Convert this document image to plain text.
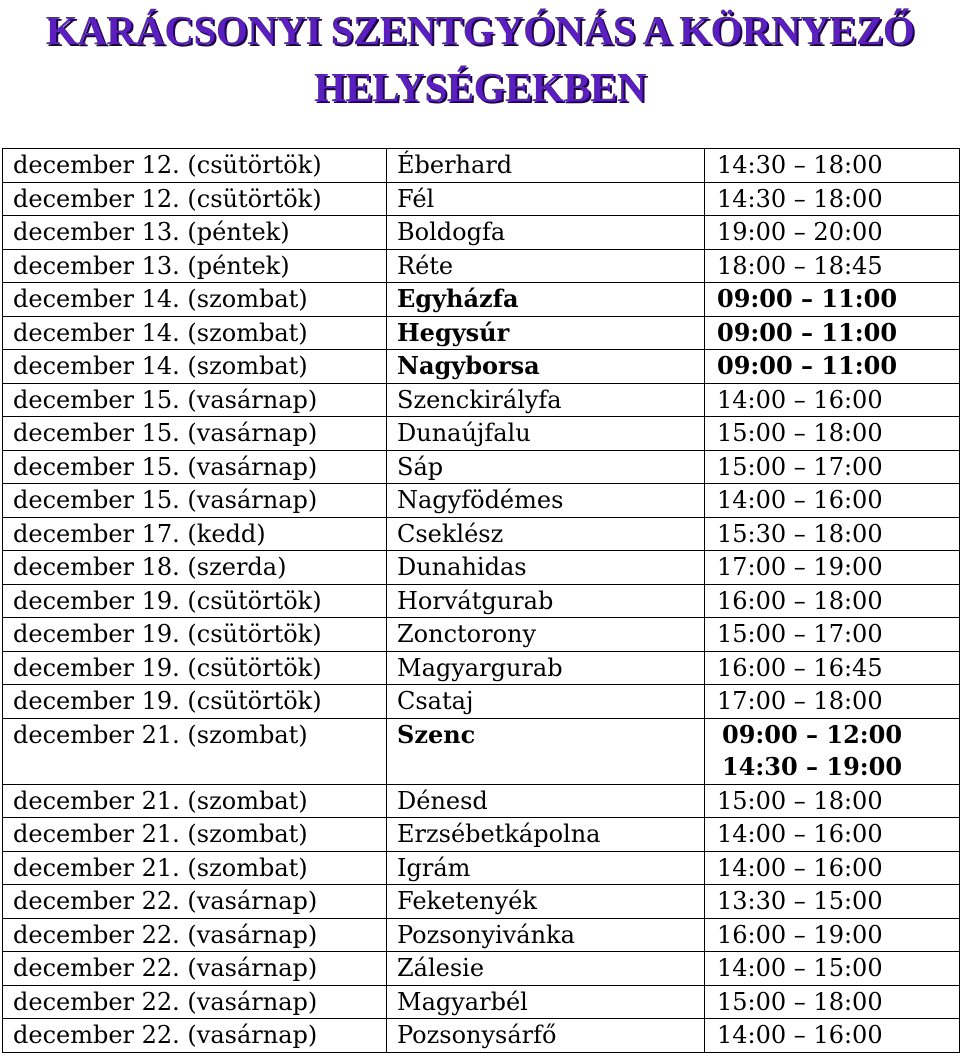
KARÁCSONYI SZENTGYÓNÁS A KÖRNYEZŐ
HELYSÉGEKBEN
december 12. (csütörtök)	Éberhard	14:30 – 18:00
december 12. (csütörtök)	Fél	14:30 – 18:00
december 13. (péntek)	Boldogfa	19:00 – 20:00
december 13. (péntek)	Réte	18:00 – 18:45
december 14. (szombat)	Egyházfa	09:00 – 11:00
december 14. (szombat)	Hegysúr	09:00 – 11:00
december 14. (szombat)	Nagyborsa	09:00 – 11:00
december 15. (vasárnap)	Szenckirályfa	14:00 – 16:00
december 15. (vasárnap)	Dunaújfalu	15:00 – 18:00
december 15. (vasárnap)	Sáp	15:00 – 17:00
december 15. (vasárnap)	Nagyfödémes	14:00 – 16:00
december 17. (kedd)	Cseklész	15:30 – 18:00
december 18. (szerda)	Dunahidas	17:00 – 19:00
december 19. (csütörtök)	Horvátgurab	16:00 – 18:00
december 19. (csütörtök)	Zonctorony	15:00 – 17:00
december 19. (csütörtök)	Magyargurab	16:00 – 16:45
december 19. (csütörtök)	Csataj	17:00 – 18:00
december 21. (szombat)	Szenc	09:00 – 12:00
14:30 – 19:00

december 21. (szombat)	Dénesd	15:00 – 18:00
december 21. (szombat)	Erzsébetkápolna	14:00 – 16:00
december 21. (szombat)	Igrám	14:00 – 16:00
december 22. (vasárnap)	Feketenyék	13:30 – 15:00
december 22. (vasárnap)	Pozsonyivánka	16:00 – 19:00
december 22. (vasárnap)	Zálesie	14:00 – 15:00
december 22. (vasárnap)	Magyarbél	15:00 – 18:00
december 22. (vasárnap)	Pozsonysárfő	14:00 – 16:00
